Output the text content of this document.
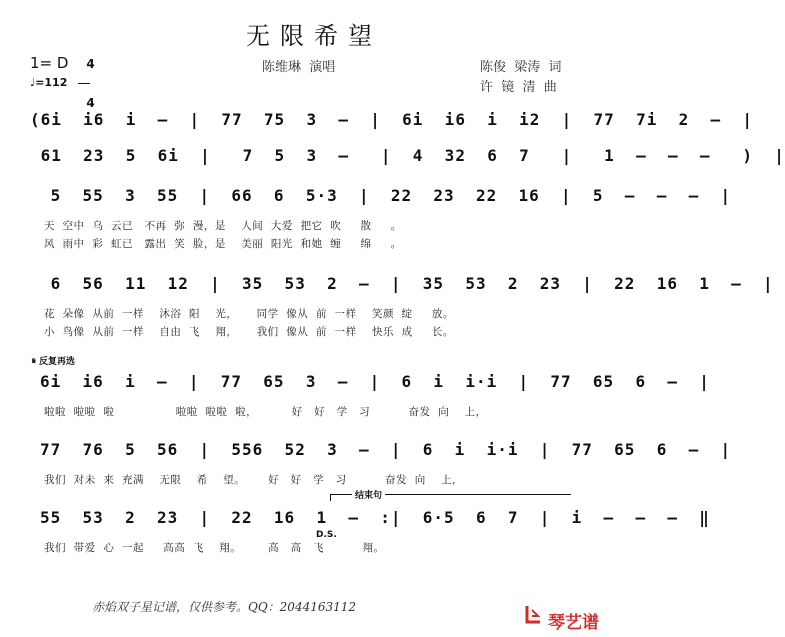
无限希望
1= D	4

4

♩=112
陈维琳  演唱	陈俊  梁涛  词
许  镜  清  曲
(6i  i6  i  –  |  77  75  3  –  |  6i  i6  i  i2  |  77  7i  2  –  |
61  23  5  6i  |   7  5  3  –   |  4  32  6  7   |   1  –  –  –   )  |
5  55  3  55  |  66  6  5·3  |  22  23  22  16  |  5  –  –  –  |
天  空中  乌  云已   不再  弥  漫，是    人间  大爱  把它  吹     散     。
风  雨中  彩  虹已   露出  笑  脸，是    美丽  阳光  和她  缠     绵     。
6  56  11  12  |  35  53  2  –  |  35  53  2  23  |  22  16  1  –  |
花  朵像  从前  一样    沐浴  阳    光，     同学  像从  前  一样    笑颜  绽     放。
小  鸟像  从前  一样    自由  飞    翔，     我们  像从  前  一样    快乐  成     长。
𝄋 反复再选
6i  i6  i  –  |  77  65  3  –  |  6  i  i·i  |  77  65  6  –  |
啦啦  啦啦  啦                啦啦  啦啦  啦，         好   好   学   习          奋发  向    上，
77  76  5  56  |  556  52  3  –  |  6  i  i·i  |  77  65  6  –  |
我们  对未  来  充满    无限    希    望。      好   好   学   习          奋发  向    上，
结束句
55  53  2  23  |  22  16  1  –  :|  6·5  6  7  |  i  –  –  –  ‖
D.S.
我们  带爱  心  一起     高高  飞    翔。       高   高   飞          翔。
赤焰双子星记谱，仅供参考。QQ：2044163112
琴艺谱
